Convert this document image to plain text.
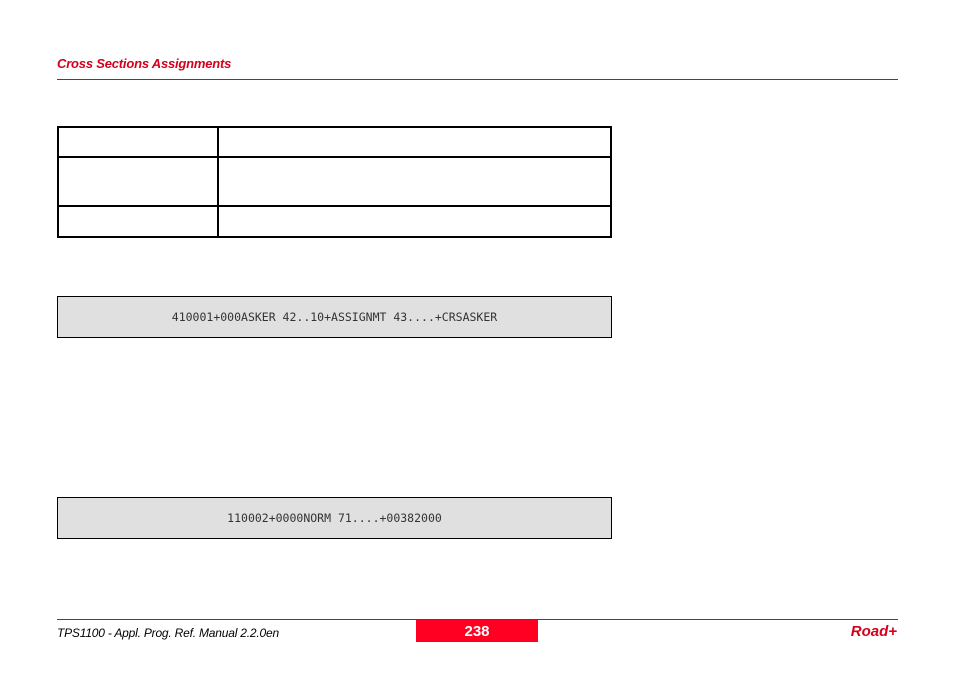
Cross Sections Assignments

410001+000ASKER 42..10+ASSIGNMT 43....+CRSASKER
110002+0000NORM 71....+00382000
TPS1100 - Appl. Prog. Ref. Manual 2.2.0en	238	Road+
